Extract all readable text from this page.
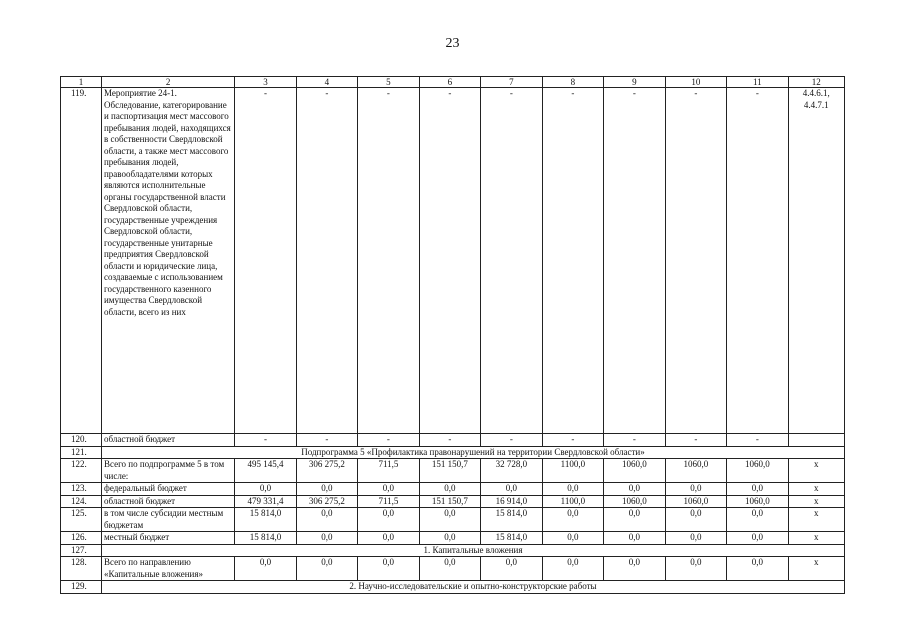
23
1	2	3	4	5	6	7	8	9	10	11	12
119.	Мероприятие 24-1. Обследование, категорирование и паспортизация мест массового пребывания людей, находящихся в собственности Свердловской области, а также мест массового пребывания людей, правообладателями которых являются исполнительные органы государственной власти Свердловской области, государственные учреждения Свердловской области, государственные унитарные предприятия Свердловской области и юридические лица, создаваемые с использованием государственного казенного имущества Свердловской области, всего из них	-	-	-	-	-	-	-	-	-	4.4.6.1, 4.4.7.1
120.	областной бюджет	-	-	-	-	-	-	-	-	-	
121.	Подпрограмма 5 «Профилактика правонарушений на территории Свердловской области»										
122.	Всего по подпрограмме 5 в том числе:	495 145,4	306 275,2	711,5	151 150,7	32 728,0	1100,0	1060,0	1060,0	1060,0	х
123.	федеральный бюджет	0,0	0,0	0,0	0,0	0,0	0,0	0,0	0,0	0,0	х
124.	областной бюджет	479 331,4	306 275,2	711,5	151 150,7	16 914,0	1100,0	1060,0	1060,0	1060,0	х
125.	в том числе субсидии местным бюджетам	15 814,0	0,0	0,0	0,0	15 814,0	0,0	0,0	0,0	0,0	х
126.	местный бюджет	15 814,0	0,0	0,0	0,0	15 814,0	0,0	0,0	0,0	0,0	х
127.	1. Капитальные вложения										
128.	Всего по направлению «Капитальные вложения»	0,0	0,0	0,0	0,0	0,0	0,0	0,0	0,0	0,0	х
129.	2. Научно-исследовательские и опытно-конструкторские работы										
